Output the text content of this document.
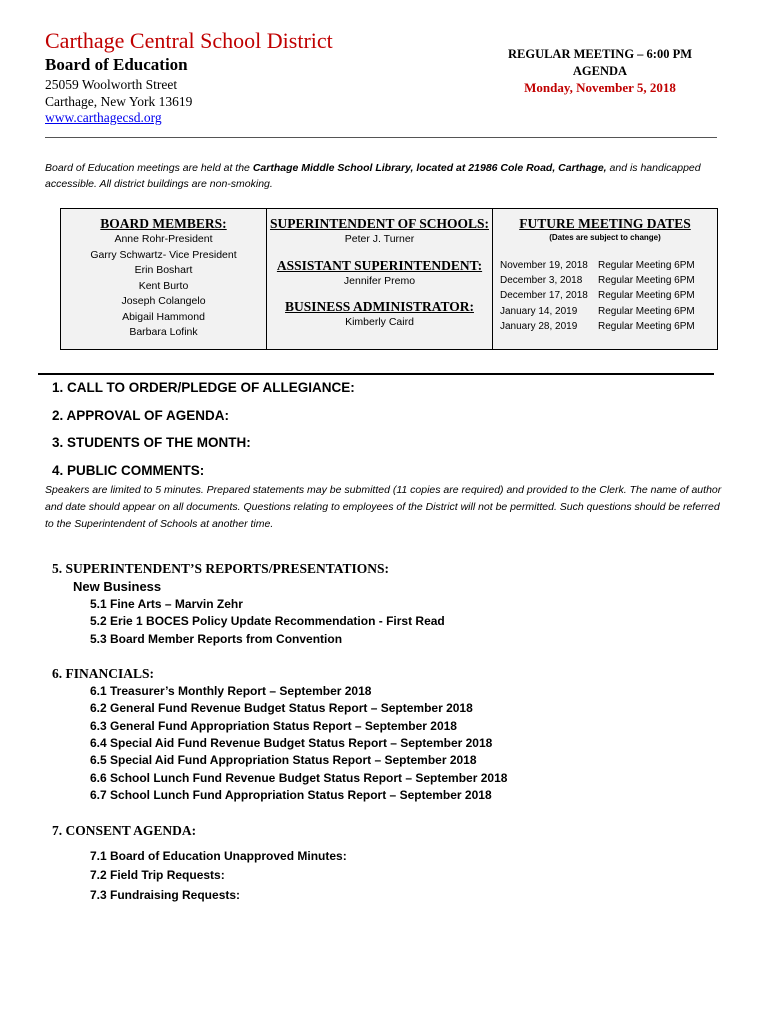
Carthage Central School District
Board of Education
25059 Woolworth Street
Carthage, New York 13619
www.carthagecsd.org
REGULAR MEETING – 6:00 PM
AGENDA
Monday, November 5, 2018
Board of Education meetings are held at the Carthage Middle School Library, located at 21986 Cole Road, Carthage, and is handicapped accessible. All district buildings are non-smoking.
BOARD MEMBERS:
Anne Rohr-President
Garry Schwartz- Vice President
Erin Boshart
Kent Burto
Joseph Colangelo
Abigail Hammond
Barbara Lofink
SUPERINTENDENT OF SCHOOLS:
Peter J. Turner
ASSISTANT SUPERINTENDENT:
Jennifer Premo
BUSINESS ADMINISTRATOR:
Kimberly Caird
FUTURE MEETING DATES
(Dates are subject to change)
November 19, 2018	Regular Meeting 6PM
December 3, 2018	Regular Meeting 6PM
December 17, 2018	Regular Meeting 6PM
January 14, 2019	Regular Meeting 6PM
January 28, 2019	Regular Meeting 6PM
1. CALL TO ORDER/PLEDGE OF ALLEGIANCE:
2. APPROVAL OF AGENDA:
3. STUDENTS OF THE MONTH:
4. PUBLIC COMMENTS:
Speakers are limited to 5 minutes. Prepared statements may be submitted (11 copies are required) and provided to the Clerk. The name of author and date should appear on all documents. Questions relating to employees of the District will not be permitted. Such questions should be referred to the Superintendent of Schools at another time.
5. SUPERINTENDENT’S REPORTS/PRESENTATIONS:
New Business
5.1 Fine Arts – Marvin Zehr
5.2 Erie 1 BOCES Policy Update Recommendation - First Read
5.3 Board Member Reports from Convention
6. FINANCIALS:
6.1 Treasurer’s Monthly Report – September 2018
6.2 General Fund Revenue Budget Status Report – September 2018
6.3 General Fund Appropriation Status Report – September 2018
6.4 Special Aid Fund Revenue Budget Status Report – September 2018
6.5 Special Aid Fund Appropriation Status Report – September 2018
6.6 School Lunch Fund Revenue Budget Status Report – September 2018
6.7 School Lunch Fund Appropriation Status Report – September 2018
7. CONSENT AGENDA:
7.1 Board of Education Unapproved Minutes:
7.2 Field Trip Requests:
7.3 Fundraising Requests:
